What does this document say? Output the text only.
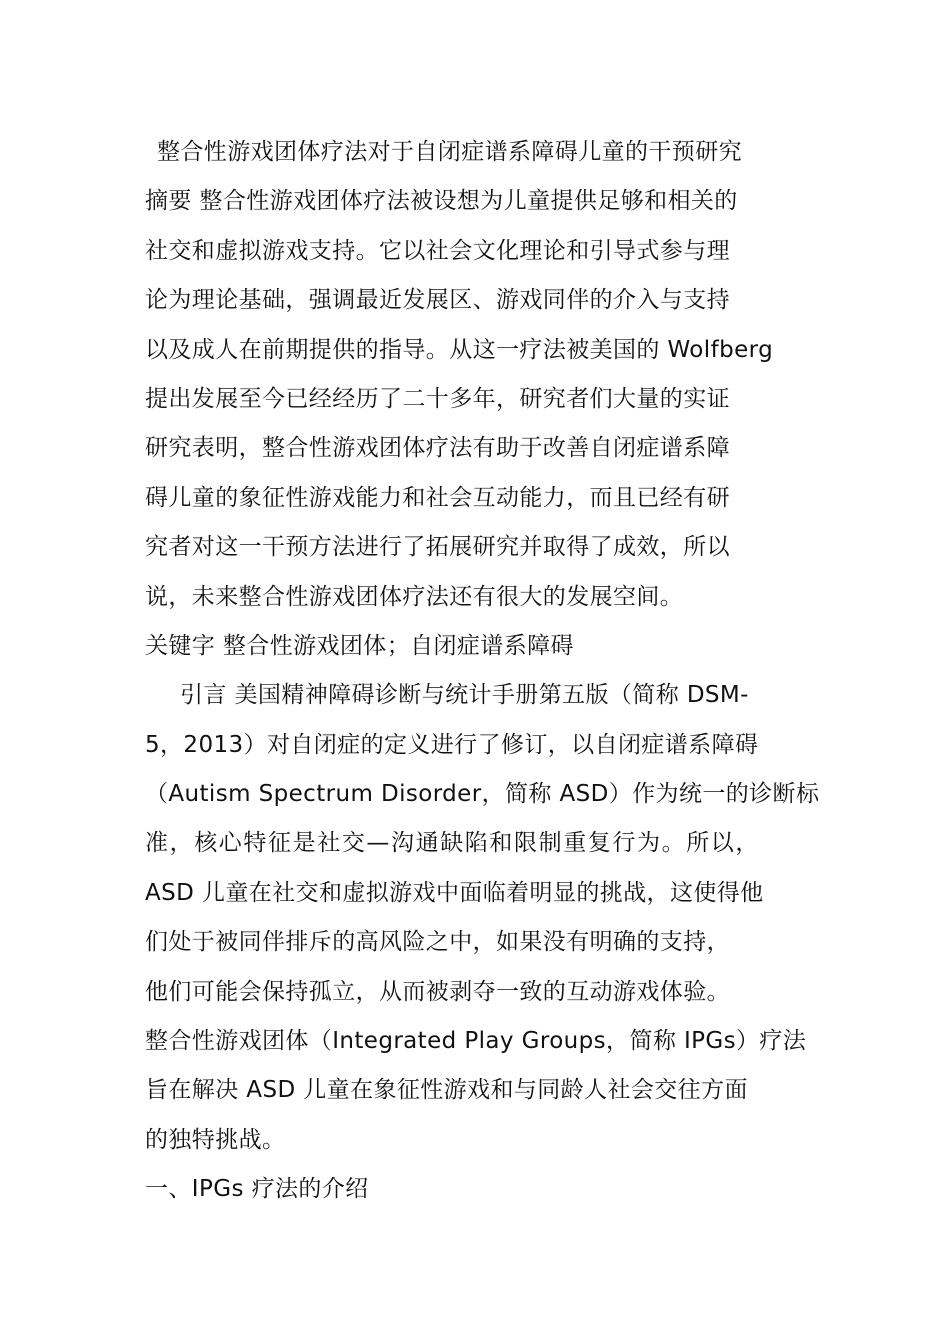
整合性游戏团体疗法对于自闭症谱系障碍儿童的干预研究
摘要 整合性游戏团体疗法被设想为儿童提供足够和相关的
社交和虚拟游戏支持。它以社会文化理论和引导式参与理
论为理论基础，强调最近发展区、游戏同伴的介入与支持
以及成人在前期提供的指导。从这一疗法被美国的 Wolfberg
提出发展至今已经经历了二十多年，研究者们大量的实证
研究表明，整合性游戏团体疗法有助于改善自闭症谱系障
碍儿童的象征性游戏能力和社会互动能力，而且已经有研
究者对这一干预方法进行了拓展研究并取得了成效，所以
说，未来整合性游戏团体疗法还有很大的发展空间。
关键字 整合性游戏团体；自闭症谱系障碍
引言 美国精神障碍诊断与统计手册第五版（简称 DSM-
5，2013）对自闭症的定义进行了修订，以自闭症谱系障碍
（Autism Spectrum Disorder，简称 ASD）作为统一的诊断标
准，核心特征是社交—沟通缺陷和限制重复行为。所以，
ASD 儿童在社交和虚拟游戏中面临着明显的挑战，这使得他
们处于被同伴排斥的高风险之中，如果没有明确的支持，
他们可能会保持孤立，从而被剥夺一致的互动游戏体验。
整合性游戏团体（Integrated Play Groups，简称 IPGs）疗法
旨在解决 ASD 儿童在象征性游戏和与同龄人社会交往方面
的独特挑战。
一、IPGs 疗法的介绍
